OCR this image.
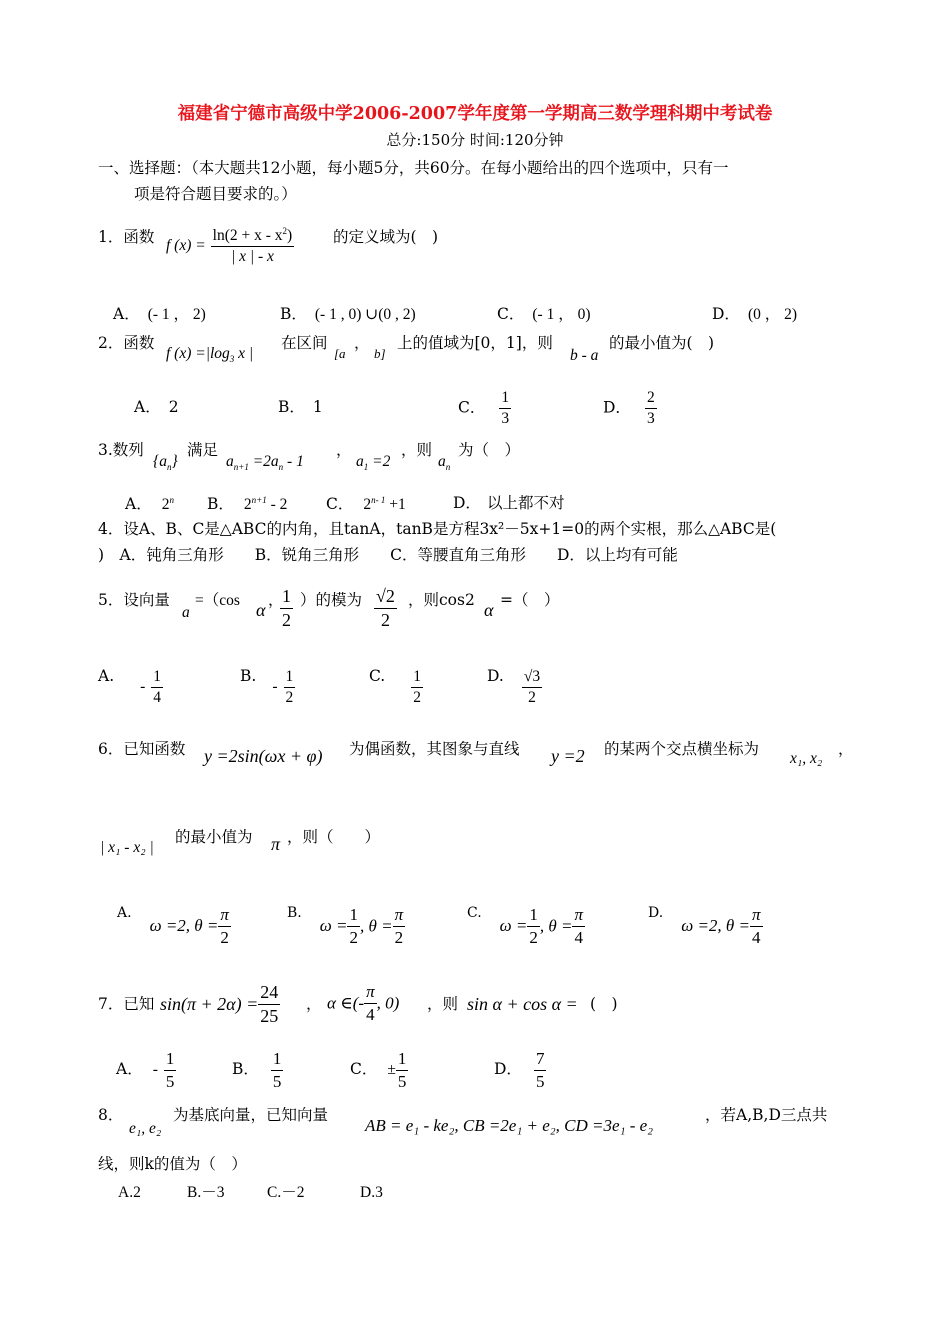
福建省宁德市高级中学2006-2007学年度第一学期高三数学理科期中考试卷
总分:150分 时间:120分钟
一、选择题：（本大题共12小题，每小题5分，共60分。在每小题给出的四个选项中，只有一
项是符合题目要求的。）
1．函数 f $(x) = \frac{\ln(2 + x - x^2)}{| x | - x}$	的定义域为(　)
A． (- 1 ， 2)	B． (- 1 , 0) ∪(0 , 2)	C． (- 1 ， 0)	D． (0 ， 2)
2．函数
f $(x) =|\log_3$ x |
在区间
[a
，
b]
上的值域为[0，1]，则
b - a
的最小值为(　)
A． 2	B． 1	C． $\frac{1}{3}$	D． $\frac{2}{3}$
3.数列
$\{a_n\}$
满足
$a_{n+1} =2a_n - 1$
，
$a_1 =2$
，则
$a_n$
为（　）
A． 2$^n$ B． $2^{n+1} - 2$ C． $2^{n- 1} +1$	D． 以上都不对
4．设A、B、C是△ABC的内角，且tanA，tanB是方程3x²－5x+1=0的两个实根，那么△ABC是(
)　A．钝角三角形　　B．锐角三角形　　C．等腰直角三角形　　D．以上均有可能
5．设向量
a
=（cos α ，
$\frac{1}{2}$ ）的模为 $\frac{√2}{2}$ ，则cos2 α =（　）
$A.- \frac{1}{4}$	$B.- \frac{1}{2}$	C. $\frac{1}{2}$	D. $\frac{√3}{2}$
6．已知函数 y =2sin(ωx + φ) 为偶函数，其图象与直线 y =2 的某两个交点横坐标为
x₁, x₂
，
| x₁ - x₂ |
的最小值为 π ，则（　　）
A.ω =2, $\theta = \frac{\pi}{2}$	$B.\omega = \frac{1}{2}$ , $\theta = \frac{\pi}{2}$	$C.\omega = \frac{1}{2}$ , $\theta = \frac{\pi}{4}$	D.ω =2, $\theta = \frac{\pi}{4}$
7．已知 $\sin(\pi + 2\alpha) = \frac{24}{25}$ ， α ∈(- $\frac{\pi}{4}$ , 0) ，则 sin α + cos α = (　)
A． - $\frac{1}{5}$	B． $\frac{1}{5}$	C． ± $\frac{1}{5}$	D． $\frac{7}{5}$
8．
e₁, e₂
为基底向量，已知向量
AB = e₁ - ke₂, CB =2e₁ + e₂, CD =3e₁ - e₂
，若A,B,D三点共
线，则k的值为（　）
A.2	B.－3	C.－2	D.3
